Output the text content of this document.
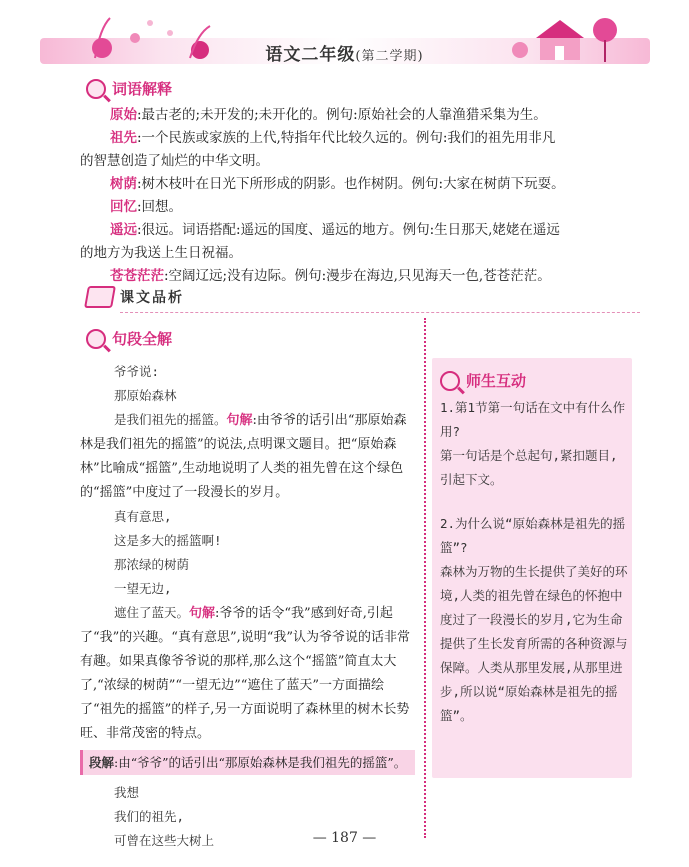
语文二年级(第二学期)
词语解释
原始:最古老的;未开发的;未开化的。例句:原始社会的人靠渔猎采集为生。
祖先:一个民族或家族的上代,特指年代比较久远的。例句:我们的祖先用非凡
的智慧创造了灿烂的中华文明。
树荫:树木枝叶在日光下所形成的阴影。也作树阴。例句:大家在树荫下玩耍。
回忆:回想。
遥远:很远。词语搭配:遥远的国度、遥远的地方。例句:生日那天,姥姥在遥远
的地方为我送上生日祝福。
苍苍茫茫:空阔辽远;没有边际。例句:漫步在海边,只见海天一色,苍苍茫茫。
课文品析
句段全解
爷爷说:
那原始森林
是我们祖先的摇篮。句解:由爷爷的话引出“那原始森林是我们祖先的摇篮”的说法,点明课文题目。把“原始森林”比喻成“摇篮”,生动地说明了人类的祖先曾在这个绿色的“摇篮”中度过了一段漫长的岁月。
真有意思,
这是多大的摇篮啊!
那浓绿的树荫
一望无边,
遮住了蓝天。句解:爷爷的话令“我”感到好奇,引起了“我”的兴趣。“真有意思”,说明“我”认为爷爷说的话非常有趣。如果真像爷爷说的那样,那么这个“摇篮”简直太大了,“浓绿的树荫”“一望无边”“遮住了蓝天”一方面描绘了“祖先的摇篮”的样子,另一方面说明了森林里的树木长势旺、非常茂密的特点。
段解:由“爷爷”的话引出“那原始森林是我们祖先的摇篮”。
我想
我们的祖先,
可曾在这些大树上
师生互动
1.第1节第一句话在文中有什么作用?
第一句话是个总起句,紧扣题目,引起下文。
2.为什么说“原始森林是祖先的摇篮”?
森林为万物的生长提供了美好的环境,人类的祖先曾在绿色的怀抱中度过了一段漫长的岁月,它为生命提供了生长发育所需的各种资源与保障。人类从那里发展,从那里进步,所以说“原始森林是祖先的摇篮”。
— 187 —
